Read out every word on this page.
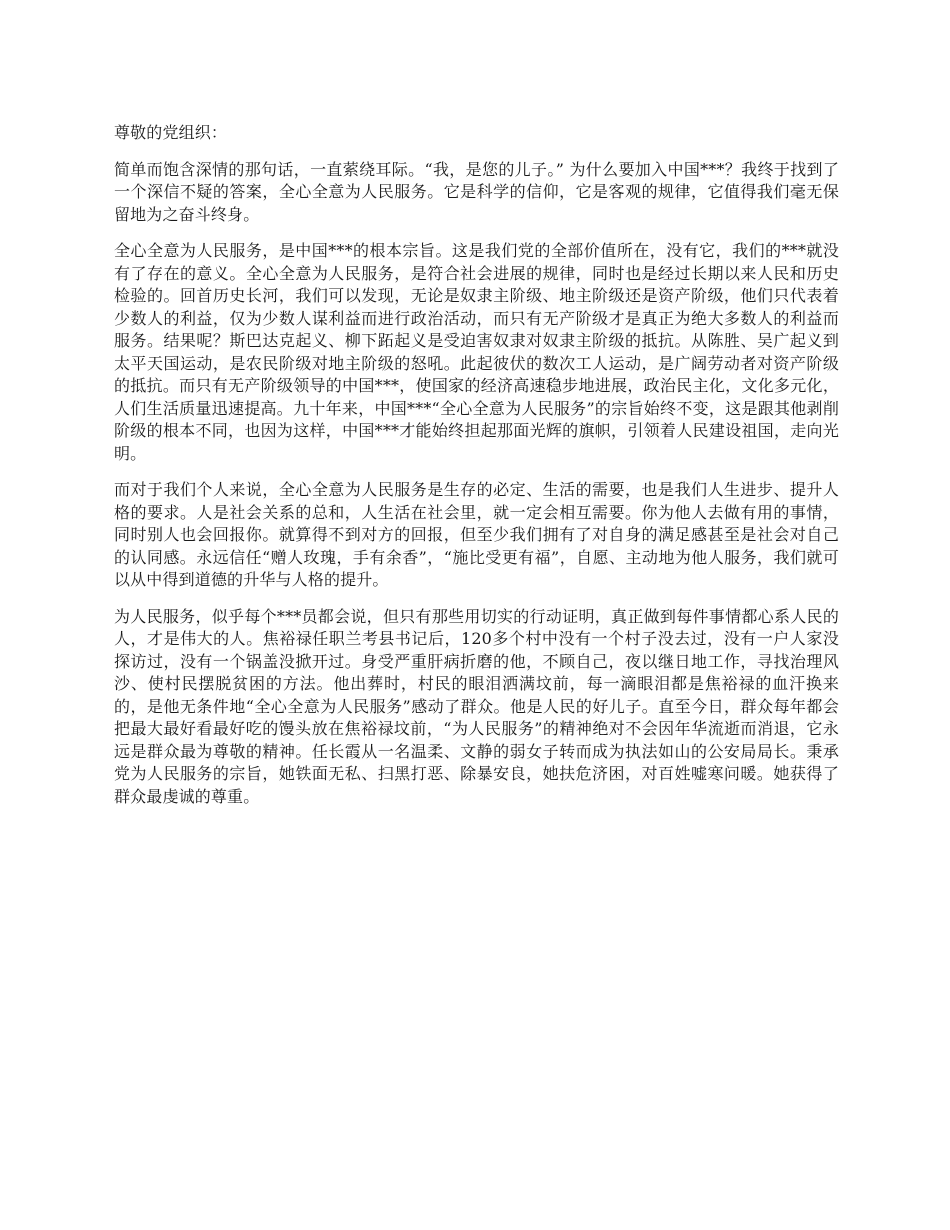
尊敬的党组织：

简单而饱含深情的那句话，一直萦绕耳际。“我，是您的儿子。” 为什么要加入中国***？我终于找到了一个深信不疑的答案，全心全意为人民服务。它是科学的信仰，它是客观的规律，它值得我们毫无保留地为之奋斗终身。

全心全意为人民服务，是中国***的根本宗旨。这是我们党的全部价值所在，没有它，我们的***就没有了存在的意义。全心全意为人民服务，是符合社会进展的规律，同时也是经过长期以来人民和历史检验的。回首历史长河，我们可以发现，无论是奴隶主阶级、地主阶级还是资产阶级，他们只代表着少数人的利益，仅为少数人谋利益而进行政治活动，而只有无产阶级才是真正为绝大多数人的利益而服务。结果呢？斯巴达克起义、柳下跖起义是受迫害奴隶对奴隶主阶级的抵抗。从陈胜、吴广起义到太平天国运动，是农民阶级对地主阶级的怒吼。此起彼伏的数次工人运动，是广阔劳动者对资产阶级的抵抗。而只有无产阶级领导的中国***，使国家的经济高速稳步地进展，政治民主化，文化多元化，人们生活质量迅速提高。九十年来，中国***“全心全意为人民服务”的宗旨始终不变，这是跟其他剥削阶级的根本不同，也因为这样，中国***才能始终担起那面光辉的旗帜，引领着人民建设祖国，走向光明。

而对于我们个人来说，全心全意为人民服务是生存的必定、生活的需要，也是我们人生进步、提升人格的要求。人是社会关系的总和，人生活在社会里，就一定会相互需要。你为他人去做有用的事情，同时别人也会回报你。就算得不到对方的回报，但至少我们拥有了对自身的满足感甚至是社会对自己的认同感。永远信任“赠人玫瑰，手有余香”，“施比受更有福”，自愿、主动地为他人服务，我们就可以从中得到道德的升华与人格的提升。

为人民服务，似乎每个***员都会说，但只有那些用切实的行动证明，真正做到每件事情都心系人民的人，才是伟大的人。焦裕禄任职兰考县书记后，120多个村中没有一个村子没去过，没有一户人家没探访过，没有一个锅盖没掀开过。身受严重肝病折磨的他，不顾自己，夜以继日地工作，寻找治理风沙、使村民摆脱贫困的方法。他出葬时，村民的眼泪洒满坟前，每一滴眼泪都是焦裕禄的血汗换来的，是他无条件地“全心全意为人民服务”感动了群众。他是人民的好儿子。直至今日，群众每年都会把最大最好看最好吃的馒头放在焦裕禄坟前，“为人民服务”的精神绝对不会因年华流逝而消退，它永远是群众最为尊敬的精神。任长霞从一名温柔、文静的弱女子转而成为执法如山的公安局局长。秉承党为人民服务的宗旨，她铁面无私、扫黑打恶、除暴安良，她扶危济困，对百姓嘘寒问暖。她获得了群众最虔诚的尊重。
